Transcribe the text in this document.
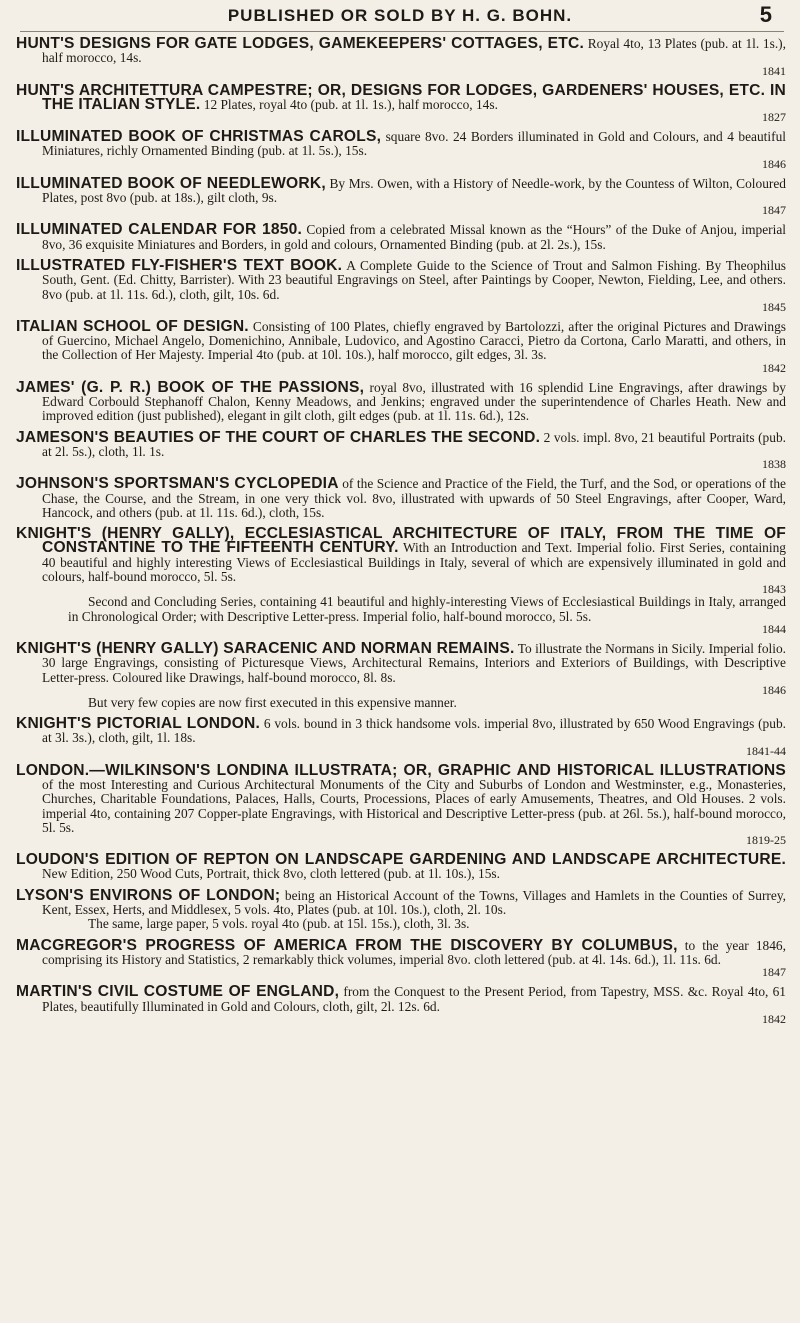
PUBLISHED OR SOLD BY H. G. BOHN.	5

HUNT'S DESIGNS FOR GATE LODGES, GAMEKEEPERS' COTTAGES, ETC. Royal 4to, 13 Plates (pub. at 1l. 1s.), half morocco, 14s.

1841

HUNT'S ARCHITETTURA CAMPESTRE; OR, DESIGNS FOR LODGES, GARDENERS' HOUSES, ETC. IN THE ITALIAN STYLE. 12 Plates, royal 4to (pub. at 1l. 1s.), half morocco, 14s.

1827

ILLUMINATED BOOK OF CHRISTMAS CAROLS, square 8vo. 24 Borders illuminated in Gold and Colours, and 4 beautiful Miniatures, richly Ornamented Binding (pub. at 1l. 5s.), 15s.

1846

ILLUMINATED BOOK OF NEEDLEWORK, By Mrs. Owen, with a History of Needle-work, by the Countess of Wilton, Coloured Plates, post 8vo (pub. at 18s.), gilt cloth, 9s.

1847

ILLUMINATED CALENDAR FOR 1850. Copied from a celebrated Missal known as the “Hours” of the Duke of Anjou, imperial 8vo, 36 exquisite Miniatures and Borders, in gold and colours, Ornamented Binding (pub. at 2l. 2s.), 15s.

ILLUSTRATED FLY-FISHER'S TEXT BOOK. A Complete Guide to the Science of Trout and Salmon Fishing. By Theophilus South, Gent. (Ed. Chitty, Barrister). With 23 beautiful Engravings on Steel, after Paintings by Cooper, Newton, Fielding, Lee, and others. 8vo (pub. at 1l. 11s. 6d.), cloth, gilt, 10s. 6d.

1845

ITALIAN SCHOOL OF DESIGN. Consisting of 100 Plates, chiefly engraved by Bartolozzi, after the original Pictures and Drawings of Guercino, Michael Angelo, Domenichino, Annibale, Ludovico, and Agostino Caracci, Pietro da Cortona, Carlo Maratti, and others, in the Collection of Her Majesty. Imperial 4to (pub. at 10l. 10s.), half morocco, gilt edges, 3l. 3s.

1842

JAMES' (G. P. R.) BOOK OF THE PASSIONS, royal 8vo, illustrated with 16 splendid Line Engravings, after drawings by Edward Corbould Stephanoff Chalon, Kenny Meadows, and Jenkins; engraved under the superintendence of Charles Heath. New and improved edition (just published), elegant in gilt cloth, gilt edges (pub. at 1l. 11s. 6d.), 12s.

JAMESON'S BEAUTIES OF THE COURT OF CHARLES THE SECOND. 2 vols. impl. 8vo, 21 beautiful Portraits (pub. at 2l. 5s.), cloth, 1l. 1s.

1838

JOHNSON'S SPORTSMAN'S CYCLOPEDIA of the Science and Practice of the Field, the Turf, and the Sod, or operations of the Chase, the Course, and the Stream, in one very thick vol. 8vo, illustrated with upwards of 50 Steel Engravings, after Cooper, Ward, Hancock, and others (pub. at 1l. 11s. 6d.), cloth, 15s.

KNIGHT'S (HENRY GALLY), ECCLESIASTICAL ARCHITECTURE OF ITALY, FROM THE TIME OF CONSTANTINE TO THE FIFTEENTH CENTURY. With an Introduction and Text. Imperial folio. First Series, containing 40 beautiful and highly interesting Views of Ecclesiastical Buildings in Italy, several of which are expensively illuminated in gold and colours, half-bound morocco, 5l. 5s.

1843

Second and Concluding Series, containing 41 beautiful and highly-interesting Views of Ecclesiastical Buildings in Italy, arranged in Chronological Order; with Descriptive Letter-press. Imperial folio, half-bound morocco, 5l. 5s.

1844

KNIGHT'S (HENRY GALLY) SARACENIC AND NORMAN REMAINS. To illustrate the Normans in Sicily. Imperial folio. 30 large Engravings, consisting of Picturesque Views, Architectural Remains, Interiors and Exteriors of Buildings, with Descriptive Letter-press. Coloured like Drawings, half-bound morocco, 8l. 8s.

1846

But very few copies are now first executed in this expensive manner.

KNIGHT'S PICTORIAL LONDON. 6 vols. bound in 3 thick handsome vols. imperial 8vo, illustrated by 650 Wood Engravings (pub. at 3l. 3s.), cloth, gilt, 1l. 18s.

1841-44

LONDON.—WILKINSON'S LONDINA ILLUSTRATA; OR, GRAPHIC AND HISTORICAL ILLUSTRATIONS of the most Interesting and Curious Architectural Monuments of the City and Suburbs of London and Westminster, e.g., Monasteries, Churches, Charitable Foundations, Palaces, Halls, Courts, Processions, Places of early Amusements, Theatres, and Old Houses. 2 vols. imperial 4to, containing 207 Copper-plate Engravings, with Historical and Descriptive Letter-press (pub. at 26l. 5s.), half-bound morocco, 5l. 5s.

1819-25

LOUDON'S EDITION OF REPTON ON LANDSCAPE GARDENING AND LANDSCAPE ARCHITECTURE. New Edition, 250 Wood Cuts, Portrait, thick 8vo, cloth lettered (pub. at 1l. 10s.), 15s.

LYSON'S ENVIRONS OF LONDON; being an Historical Account of the Towns, Villages and Hamlets in the Counties of Surrey, Kent, Essex, Herts, and Middlesex, 5 vols. 4to, Plates (pub. at 10l. 10s.), cloth, 2l. 10s.

The same, large paper, 5 vols. royal 4to (pub. at 15l. 15s.), cloth, 3l. 3s.

MACGREGOR'S PROGRESS OF AMERICA FROM THE DISCOVERY BY COLUMBUS, to the year 1846, comprising its History and Statistics, 2 remarkably thick volumes, imperial 8vo. cloth lettered (pub. at 4l. 14s. 6d.), 1l. 11s. 6d.

1847

MARTIN'S CIVIL COSTUME OF ENGLAND, from the Conquest to the Present Period, from Tapestry, MSS. &c. Royal 4to, 61 Plates, beautifully Illuminated in Gold and Colours, cloth, gilt, 2l. 12s. 6d.

1842
